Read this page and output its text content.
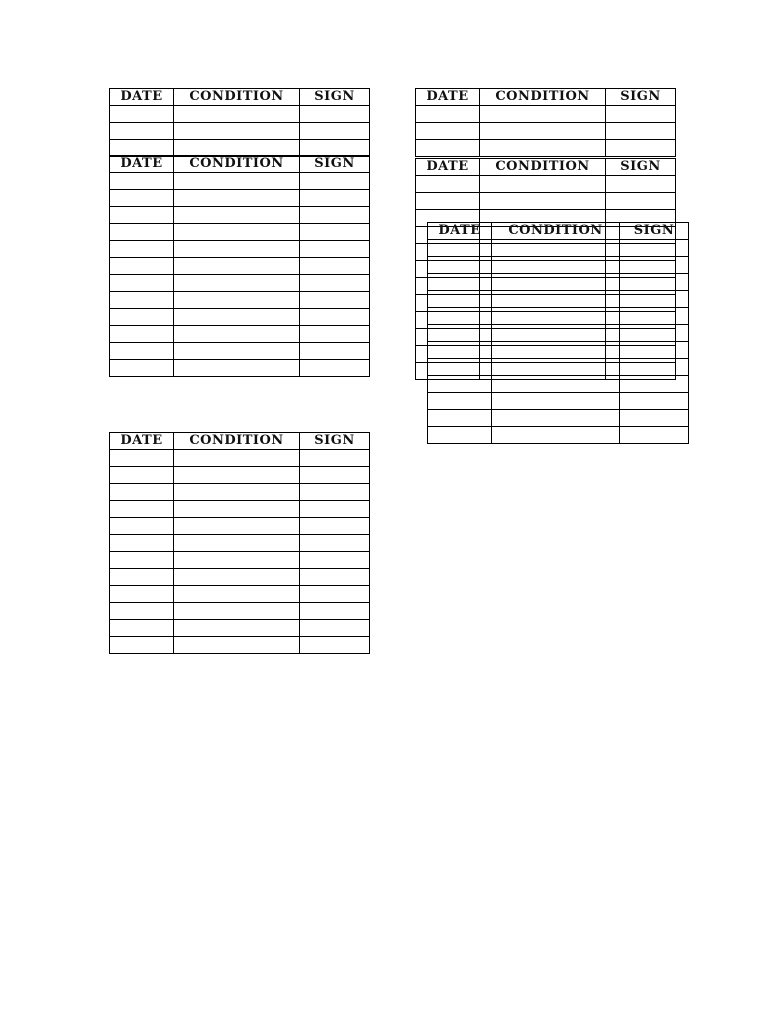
DATE	CONDITION	SIGN

DATE	CONDITION	SIGN

DATE	CONDITION	SIGN

DATE	CONDITION	SIGN

DATE	CONDITION	SIGN

DATE	CONDITION	SIGN
